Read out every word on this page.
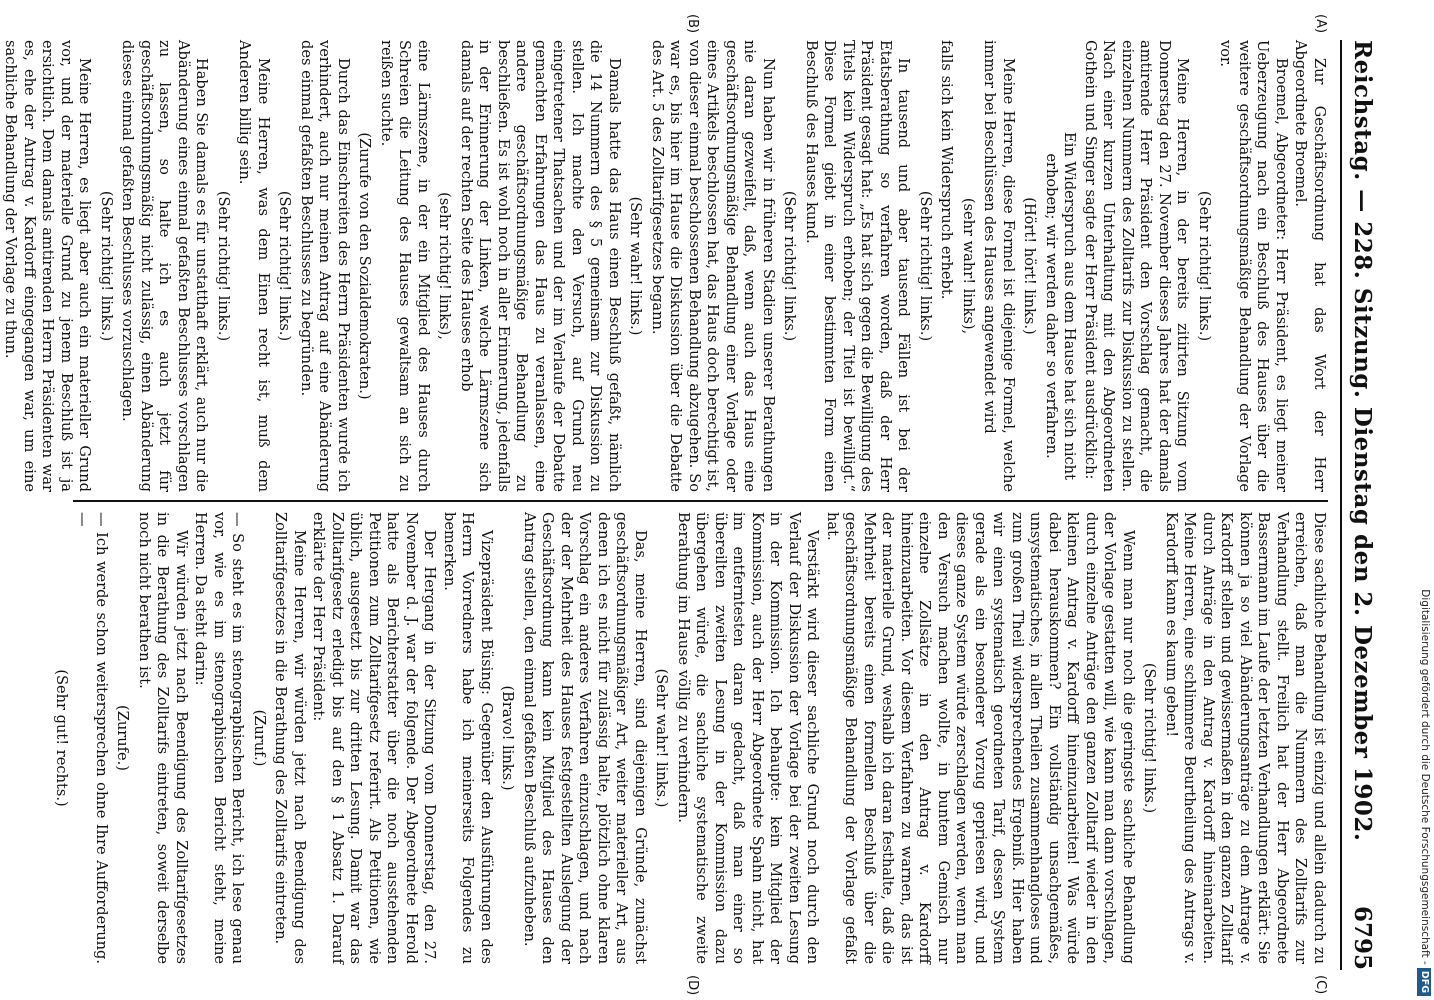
Reichstag. — 228. Sitzung. Dienstag den 2. Dezember 1902.
6795
(A)
(B)
(C)
(D)

Zur Geschäftsordnung hat das Wort der Herr Abgeordnete Broemel.

Broemel, Abgeordneter: Herr Präsident, es liegt meiner Ueberzeugung nach ein Beschluß des Hauses über die weitere geschäftsordnungsmäßige Behandlung der Vorlage vor.

(Sehr richtig! links.)

Meine Herren, in der bereits zitirten Sitzung vom Donnerstag den 27. November dieses Jahres hat der damals amtirende Herr Präsident den Vorschlag gemacht, die einzelnen Nummern des Zolltarifs zur Diskussion zu stellen. Nach einer kurzen Unterhaltung mit den Abgeordneten Gothein und Singer sagte der Herr Präsident ausdrücklich:

Ein Widerspruch aus dem Hause hat sich nicht erhoben; wir werden daher so verfahren.

(Hört! hört! links.)

Meine Herren, diese Formel ist diejenige Formel, welche immer bei Beschlüssen des Hauses angewendet wird

(sehr wahr! links),

falls sich kein Widerspruch erhebt.

(Sehr richtig! links.)

In tausend und aber tausend Fällen ist bei der Etatsberathung so verfahren worden, daß der Herr Präsident gesagt hat: „Es hat sich gegen die Bewilligung des Titels kein Widerspruch erhoben; der Titel ist bewilligt.“ Diese Formel giebt in einer bestimmten Form einen Beschluß des Hauses kund.

(Sehr richtig! links.)

Nun haben wir in früheren Stadien unserer Berathungen nie daran gezweifelt, daß, wenn auch das Haus eine geschäftsordnungsmäßige Behandlung einer Vorlage oder eines Artikels beschlossen hat, das Haus doch berechtigt ist, von dieser einmal beschlossenen Behandlung abzugehen. So war es, bis hier im Hause die Diskussion über die Debatte des Art. 5 des Zolltarifgesetzes begann.

(Sehr wahr! links.)

Damals hatte das Haus einen Beschluß gefaßt, nämlich die 14 Nummern des § 5 gemeinsam zur Diskussion zu stellen. Ich machte den Versuch, auf Grund neu eingetretener Thatsachen und der im Verlaufe der Debatte gemachten Erfahrungen das Haus zu veranlassen, eine andere geschäftsordnungsmäßige Behandlung zu beschließen. Es ist wohl noch in aller Erinnerung, jedenfalls in der Erinnerung der Linken, welche Lärmszene sich damals auf der rechten Seite des Hauses erhob

(sehr richtig! links),

eine Lärmszene, in der ein Mitglied des Hauses durch Schreien die Leitung des Hauses gewaltsam an sich zu reißen suchte.

(Zurufe von den Sozialdemokraten.)

Durch das Einschreiten des Herrn Präsidenten wurde ich verhindert, auch nur meinen Antrag auf eine Abänderung des einmal gefaßten Beschlusses zu begründen.

(Sehr richtig! links.)

Meine Herren, was dem Einen recht ist, muß dem Anderen billig sein.

(Sehr richtig! links.)

Haben Sie damals es für unstatthaft erklärt, auch nur die Abänderung eines einmal gefaßten Beschlusses vorschlagen zu lassen, so halte ich es auch jetzt für geschäftsordnungsmäßig nicht zulässig, einen Abänderung dieses einmal gefaßten Beschlusses vorzuschlagen.

(Sehr richtig! links.)

Meine Herren, es liegt aber auch ein materieller Grund vor, und der materielle Grund zu jenem Beschluß ist ja ersichtlich. Dem damals amtirenden Herrn Präsidenten war es, ehe der Antrag v. Kardorff eingegangen war, um eine sachliche Behandlung der Vorlage zu thun.

Diese sachliche Behandlung ist einzig und allein dadurch zu erreichen, daß man die Nummern des Zolltarifs zur Verhandlung stellt. Freilich hat der Herr Abgeordnete Bassermann im Laufe der letzten Verhandlungen erklärt: Sie können ja so viel Abänderungsanträge zu dem Antrage v. Kardorff stellen und gewissermaßen in den ganzen Zolltarif durch Anträge in den Antrag v. Kardorff hineinarbeiten. Meine Herren, eine schlimmere Beurtheilung des Antrags v. Kardorff kann es kaum geben!

(Sehr richtig! links.)

Wenn man nur noch die geringste sachliche Behandlung der Vorlage gestatten will, wie kann man dann vorschlagen, durch einzelne Anträge den ganzen Zolltarif wieder in den kleinen Antrag v. Kardorff hineinzuarbeiten! Was würde dabei herauskommen? Ein vollständig unsachgemäßes, unsystematisches, in allen Theilen zusammenhangloses und zum großen Theil widersprechendes Ergebniß. Hier haben wir einen systematisch geordneten Tarif, dessen System gerade als ein besonderer Vorzug gepriesen wird, und dieses ganze System würde zerschlagen werden, wenn man den Versuch machen wollte, in buntem Gemisch nur einzelne Zollsätze in den Antrag v. Kardorff hineinzuarbeiten. Vor diesem Verfahren zu warnen, das ist der materielle Grund, weshalb ich daran festhalte, daß die Mehrheit bereits einen formellen Beschluß über die geschäftsordnungsmäßige Behandlung der Vorlage gefaßt hat.

Verstärkt wird dieser sachliche Grund noch durch den Verlauf der Diskussion der Vorlage bei der zweiten Lesung in der Kommission. Ich behaupte: kein Mitglied der Kommission, auch der Herr Abgeordnete Spahn nicht, hat im entferntesten daran gedacht, daß man einer so übereilten zweiten Lesung in der Kommission dazu übergehen würde, die sachliche systematische zweite Berathung im Hause völlig zu verhindern.

(Sehr wahr! links.)

Das, meine Herren, sind diejenigen Gründe, zunächst geschäftsordnungsmäßiger Art, weiter materieller Art, aus denen ich es nicht für zulässig halte, plötzlich ohne klaren Vorschlag ein anderes Verfahren einzuschlagen, und nach der der Mehrheit des Hauses festgestellten Auslegung der Geschäftsordnung kann kein Mitglied des Hauses den Antrag stellen, den einmal gefaßten Beschluß aufzuheben.

(Bravo! links.)

Vizepräsident Büsing: Gegenüber den Ausführungen des Herrn Vorredners habe ich meinerseits Folgendes zu bemerken.

Der Hergang in der Sitzung vom Donnerstag, den 27. November d. J. war der folgende. Der Abgeordnete Herold hatte als Berichterstatter über die noch ausstehenden Petitionen zum Zolltarifgesetz referirt. Als Petitionen, wie üblich, ausgesetzt bis zur dritten Lesung. Damit war das Zolltarifgesetz erledigt bis auf den § 1 Absatz 1. Darauf erklärte der Herr Präsident:

Meine Herren, wir würden jetzt nach Beendigung des Zolltarifgesetzes in die Berathung des Zolltarifs eintreten.

(Zuruf.)

— So steht es im stenographischen Bericht, ich lese genau vor, wie es im stenographischen Bericht steht, meine Herren. Da steht darin:

Wir würden jetzt nach Beendigung des Zolltarifgesetzes in die Berathung des Zolltarifs eintreten, soweit derselbe noch nicht berathen ist.

(Zurufe.)

— Ich werde schon weitersprechen ohne Ihre Aufforderung. —

(Sehr gut! rechts.)	Digitalisierung gefördert durch die Deutsche Forschungsgemeinschaft -DFG
